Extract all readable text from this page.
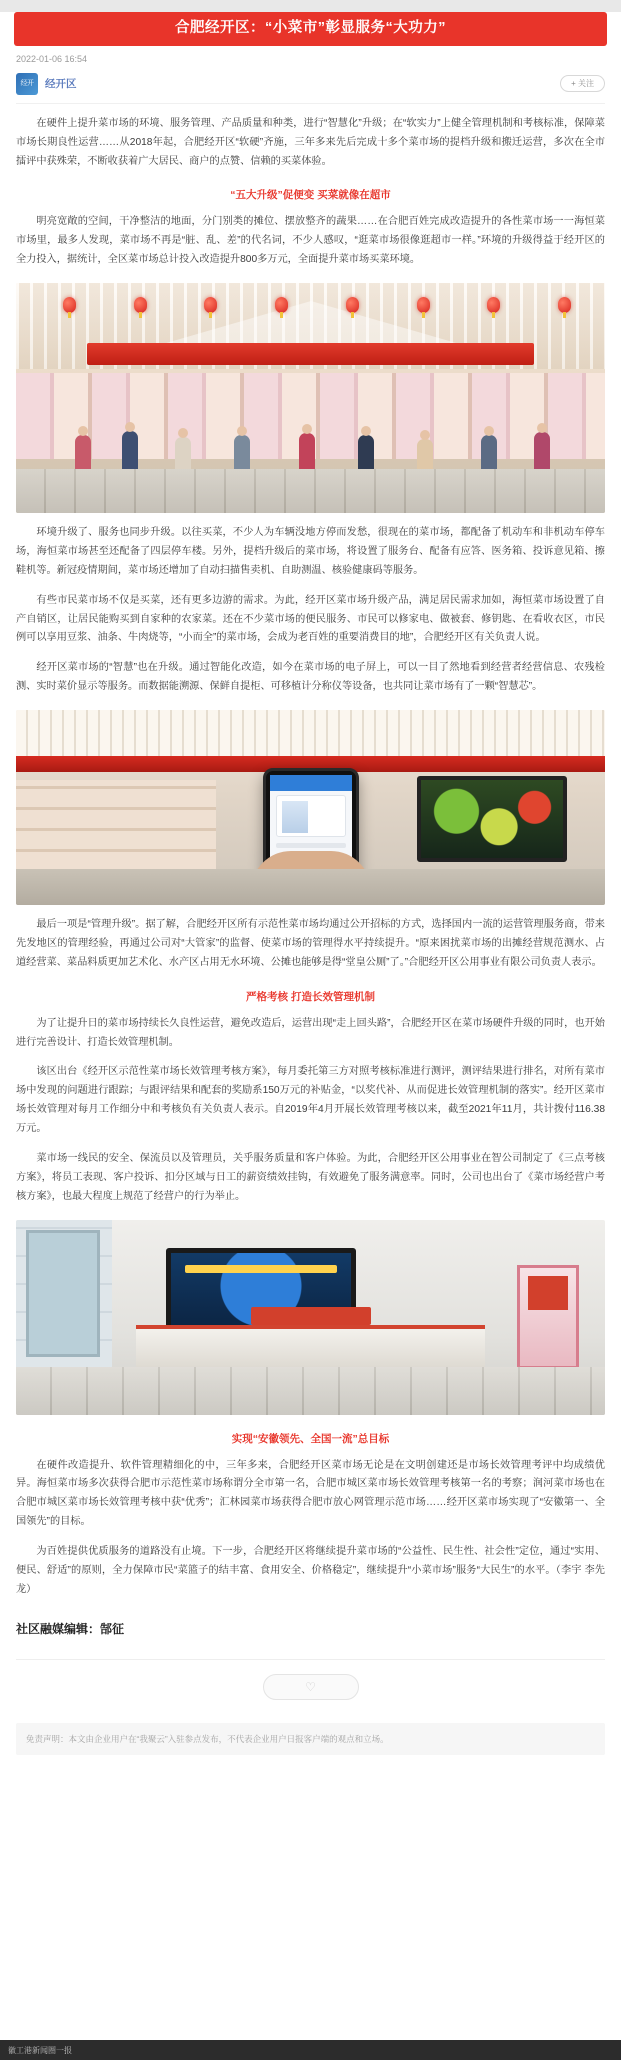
合肥经开区：“小菜市”彰显服务“大功力”
2022-01-06 16:54
经开	经开区	+ 关注

在硬件上提升菜市场的环境、服务管理、产品质量和种类，进行“智慧化”升级；在“软实力”上健全管理机制和考核标准，保障菜市场长期良性运营……从2018年起，合肥经开区“软硬”齐施，三年多来先后完成十多个菜市场的提档升级和搬迁运营，多次在全市擂评中获殊荣，不断收获着广大居民、商户的点赞、信赖的买菜体验。

“五大升级”促便变 买菜就像在超市

明亮宽敞的空间，干净整洁的地面，分门别类的摊位、摆放整齐的蔬果……在合肥百姓完成改造提升的各性菜市场一一海恒菜市场里，最多人发现，菜市场不再是“脏、乱、差”的代名词，不少人感叹，“逛菜市场很像逛超市一样。”环境的升级得益于经开区的全力投入，据统计，全区菜市场总计投入改造提升800多万元，全面提升菜市场买菜环境。

环境升级了、服务也同步升级。以往买菜，不少人为车辆没地方停而发愁，很现在的菜市场，都配备了机动车和非机动车停车场，海恒菜市场甚至还配备了四层停车楼。另外，提档升级后的菜市场，将设置了服务台、配备有应答、医务箱、投诉意见箱、擦鞋机等。新冠疫情期间，菜市场还增加了自动扫描售卖机、自助测温、核验健康码等服务。

有些市民菜市场不仅是买菜，还有更多边游的需求。为此，经开区菜市场升级产品，满足居民需求加如，海恒菜市场设置了自产自销区，让居民能购买到自家种的农家菜。还在不少菜市场的便民服务、市民可以修家电、做被套、修钥匙、在看收衣区，市民例可以享用豆浆、油条、牛肉烧等，“小而全”的菜市场，会成为老百姓的重要消费目的地”，合肥经开区有关负责人说。

经开区菜市场的“智慧”也在升级。通过智能化改造，如今在菜市场的电子屏上，可以一目了然地看到经营者经营信息、农残检测、实时菜价显示等服务。而数据能溯源、保鲜自提柜、可移植计分称仪等设备，也共同让菜市场有了一颗“智慧芯”。

最后一项是“管理升级”。据了解，合肥经开区所有示范性菜市场均通过公开招标的方式，选择国内一流的运营管理服务商，带来先发地区的管理经验，再通过公司对“大管家”的监督、使菜市场的管理得水平持续提升。“原来困扰菜市场的出摊经营规范测水、占道经营菜、菜品料质更加艺术化、水产区占用无水环境、公摊也能够是得“堂皇公厕”了。”合肥经开区公用事业有限公司负责人表示。

严格考核 打造长效管理机制

为了让提升日的菜市场持续长久良性运营，避免改造后，运营出现“走上回头路”，合肥经开区在菜市场硬件升级的同时，也开始进行完善设计、打造长效管理机制。

该区出台《经开区示范性菜市场长效管理考核方案》，每月委托第三方对照考核标准进行测评，测评结果进行排名，对所有菜市场中发现的问题进行跟踪；与跟评结果和配套的奖励系150万元的补贴金，“以奖代补、从而促进长效管理机制的落实”。经开区菜市场长效管理对每月工作细分中和考核负有关负责人表示。自2019年4月开展长效管理考核以来，截至2021年11月，共计拨付116.38万元。

菜市场一线民的安全、保流员以及管理员，关乎服务质量和客户体验。为此，合肥经开区公用事业在智公司制定了《三点考核方案》，将员工表现、客户投诉、扣分区域与日工的薪资绩效挂钩，有效避免了服务满意率。同时，公司也出台了《菜市场经营户考核方案》，也最大程度上规范了经营户的行为举止。

实现“安徽领先、全国一流”总目标

在硬件改造提升、软件管理精细化的中，三年多来，合肥经开区菜市场无论是在文明创建还是市场长效管理考评中均成绩优异。海恒菜市场多次获得合肥市示范性菜市场称谓分全市第一名，合肥市城区菜市场长效管理考核第一名的考察；润河菜市场也在合肥市城区菜市场长效管理考核中获“优秀”；汇林园菜市场获得合肥市放心网管理示范市场……经开区菜市场实现了“安徽第一、全国领先”的目标。

为百姓提供优质服务的道路没有止境。下一步，合肥经开区将继续提升菜市场的“公益性、民生性、社会性”定位，通过“实用、便民、舒适”的原则，全力保障市民“菜篮子的结丰富、食用安全、价格稳定”，继续提升“小菜市场”服务“大民生”的水平。（李宇 李先龙）

社区融媒编辑：郜征
♡
免责声明：本文由企业用户在“我聚云”入驻参点发布，不代表企业用户日报客户端的观点和立场。
徽工港新闻圈一报
